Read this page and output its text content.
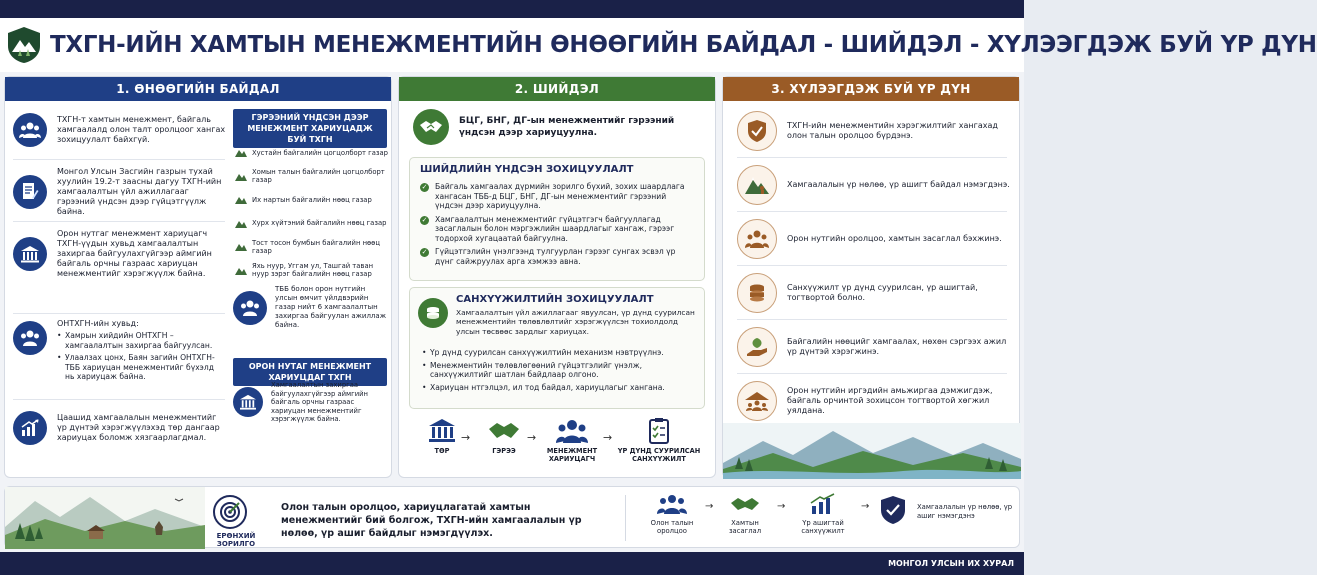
ТХГН-ИЙН ХАМТЫН МЕНЕЖМЕНТИЙН ӨНӨӨГИЙН БАЙДАЛ - ШИЙДЭЛ - ХҮЛЭЭГДЭЖ БУЙ ҮР ДҮН
1. ӨНӨӨГИЙН БАЙДАЛ
ТХГН-т хамтын менежмент, байгаль хамгаалалд олон талт оролцоог хангах зохицуулалт байхгүй.
Монгол Улсын Засгийн газрын тухай хуулийн 19.2-т заасны дагуу ТХГН-ийн хамгаалалтын үйл ажиллагааг гэрээний үндсэн дээр гүйцэтгүүлж байна.
Орон нутгаг менежмент хариуцагч ТХГН-үүдын хувьд хамгаалалтын захиргаа байгуулахгүйгээр аймгийн байгаль орчны газраас хариуцан менежментийг хэрэгжүүлж байна.
ОНТХГН-ийн хувьд:
• Хамрын хийдийн ОНТХГН – хамгаалалтын захиргаа байгуулсан.
• Улаалзах цонх, Баян загийн ОНТХГН- ТББ хариуцан менежментийг бүхэлд нь хариуцаж байна.
Цаашид хамгаалалын менежментийг үр дүнтэй хэрэгжүүлэхэд төр дангаар хариуцах боломж хязгаарлагдмал.
ГЭРЭЭНИЙ ҮНДСЭН ДЭЭР МЕНЕЖМЕНТ ХАРИУЦАДЖ БУЙ ТХГН
Хустайн байгалийн цогцолборт газар
Хомын талын байгалийн цогцолборт газар
Их нартын байгалийн нөөц газар
Хурх хүйтэний байгалийн нөөц газар
Тост тосон бумбын байгалийн нөөц газар
Яхь нуур, Уггам ул, Ташгай таван нуур зэрэг байгалийн нөөц газар
ТББ болон орон нутгийн улсын өмчит үйлдвэрийн газар нийт 6 хамгаалалтын захиргаа байгуулан ажиллаж байна.
ОРОН НУТАГ МЕНЕЖМЕНТ ХАРИУЦДАГ ТХГН
Хамгаалалтын захиргаа байгуулахгүйгээр аймгийн байгаль орчны газраас хариуцан менежментийг хэрэгжүүлж байна.
2. ШИЙДЭЛ
БЦГ, БНГ, ДГ-ын менежментийг гэрээний үндсэн дээр хариуцуулна.
ШИЙДЛИЙН ҮНДСЭН ЗОХИЦУУЛАЛТ
✓ Байгаль хамгаалах дүрмийн зорилго бүхий, зохих шаардлага хангасан ТББ-д БЦГ, БНГ, ДГ-ын менежментийг гэрээний үндсэн дээр хариуцуулна.
✓ Хамгаалалтын менежментийг гүйцэтгэгч байгууллагад засаглалын болон мэргэжлийн шаардлагыг хангаж, гэрээг тодорхой хугацаатай байгуулна.
✓ Гүйцэтгэлийн үнэлгээнд тулгуурлан гэрээг сунгах эсвэл үр дүнг сайжруулах арга хэмжээ авна.
САНХҮҮЖИЛТИЙН ЗОХИЦУУЛАЛТ
Хамгаалалтын үйл ажиллагааг явуулсан, үр дүнд суурилсан менежментийн төлөвлөлтийг хэрэгжүүлсэн тохиолдолд улсын төсвөөс зардлыг хариуцах.
• Үр дүнд суурилсан санхүүжилтийн механизм нэвтрүүлнэ.
• Менежментийн төлөвлөгөөний гүйцэтгэлийг үнэлж, санхүүжилтийг шатлан байдлаар олгоно.
• Хариуцан нтгэлцэл, ил тод байдал, хариуцлагыг хангана.
ТӨР
→
ГЭРЭЭ
→
МЕНЕЖМЕНТ ХАРИУЦАГЧ
→
ҮР ДҮНД СУУРИЛСАН САНХҮҮЖИЛТ
3. ХҮЛЭЭГДЭЖ БУЙ ҮР ДҮН
ТХГН-ийн менежментийн хэрэгжилтийг хангахад олон талын оролцоо бүрдэнэ.
Хамгаалалын үр нөлөө, үр ашигт байдал нэмэгдэнэ.
Орон нутгийн оролцоо, хамтын засаглал бэхжинэ.
Санхүүжилт үр дүнд суурилсан, үр ашигтай, тогтвортой болно.
Байгалийн нөөцийг хамгаалах, нөхөн сэргээх ажил үр дүнтэй хэрэгжинэ.
Орон нутгийн иргэдийн амьжиргаа дэмжигдэж, байгаль орчинтой зохицсон тогтвортой хөгжил уялдана.
ЕРӨНХИЙ ЗОРИЛГО
Олон талын оролцоо, хариуцлагатай хамтын менежментийг бий болгож, ТХГН-ийн хамгаалалын үр нөлөө, үр ашиг байдлыг нэмэгдүүлэх.
Олон талын оролцоо
→
Хамтын засаглал
→
Үр ашигтай санхүүжилт
→	Хамгаалалын үр нөлөө, үр ашиг нэмэгдэнэ
МОНГОЛ УЛСЫН ИХ ХУРАЛ
